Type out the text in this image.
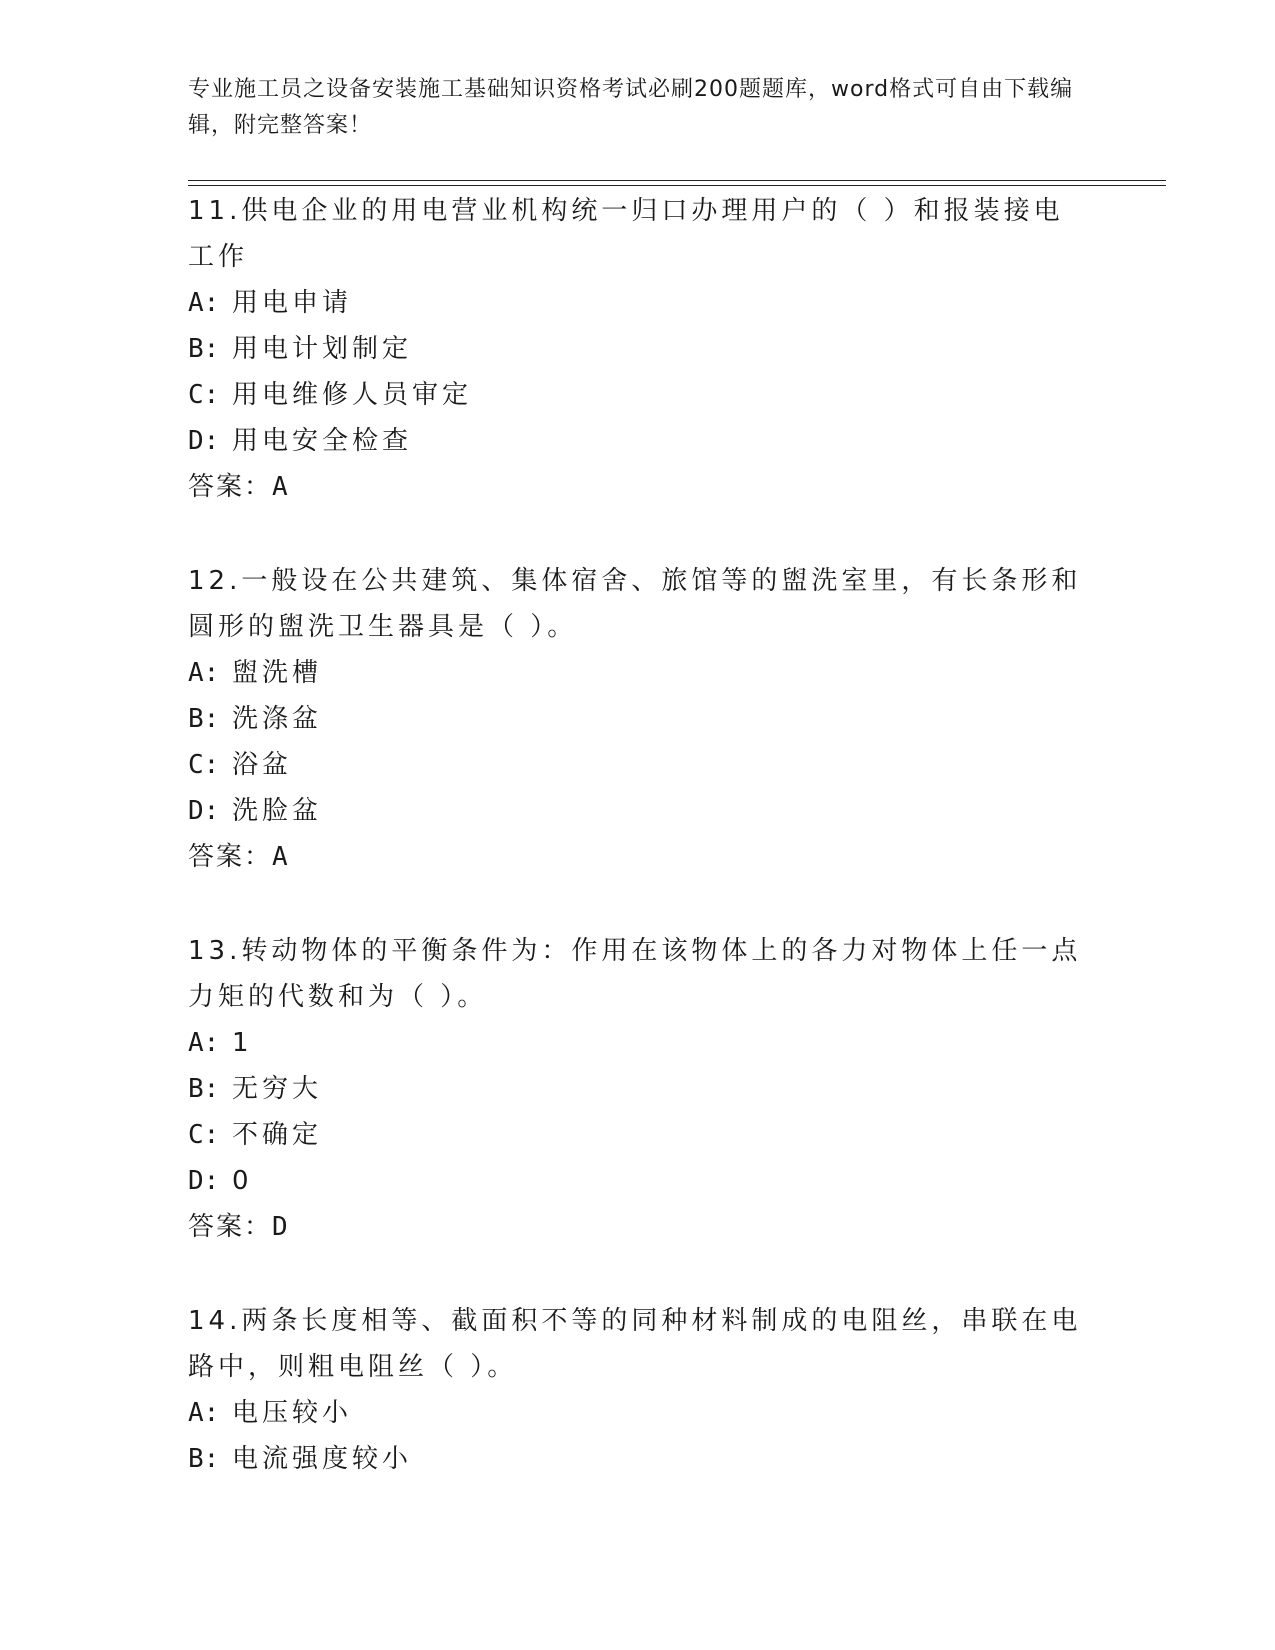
专业施工员之设备安装施工基础知识资格考试必刷200题题库，word格式可自由下载编辑，附完整答案！
11.供电企业的用电营业机构统一归口办理用户的（ ）和报装接电工作
A: 用电申请
B: 用电计划制定
C: 用电维修人员审定
D: 用电安全检查
答案：A
12.一般设在公共建筑、集体宿舍、旅馆等的盥洗室里，有长条形和圆形的盥洗卫生器具是（ ）。
A: 盥洗槽
B: 洗涤盆
C: 浴盆
D: 洗脸盆
答案：A
13.转动物体的平衡条件为：作用在该物体上的各力对物体上任一点力矩的代数和为（ ）。
A: 1
B: 无穷大
C: 不确定
D: 0
答案：D
14.两条长度相等、截面积不等的同种材料制成的电阻丝，串联在电路中，则粗电阻丝（ ）。
A: 电压较小
B: 电流强度较小
